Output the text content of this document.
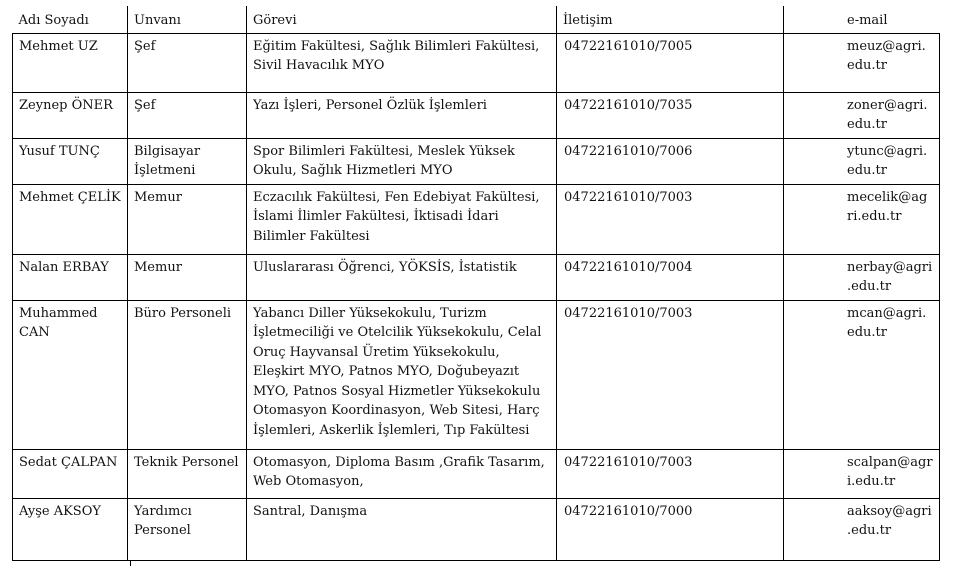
Adı Soyadı	Unvanı	Görevi	İletişim	e-mail
Mehmet UZ	Şef	Eğitim Fakültesi, Sağlık Bilimleri Fakültesi, Sivil Havacılık MYO	04722161010/7005	meuz@agri.edu.tr
Zeynep ÖNER	Şef	Yazı İşleri, Personel Özlük İşlemleri	04722161010/7035	zoner@agri.edu.tr
Yusuf TUNÇ	Bilgisayar İşletmeni	Spor Bilimleri Fakültesi, Meslek Yüksek Okulu, Sağlık Hizmetleri MYO	04722161010/7006	ytunc@agri.edu.tr
Mehmet ÇELİK	Memur	Eczacılık Fakültesi, Fen Edebiyat Fakültesi, İslami İlimler Fakültesi, İktisadi İdari Bilimler Fakültesi	04722161010/7003	mecelik@agri.edu.tr
Nalan ERBAY	Memur	Uluslararası Öğrenci, YÖKSİS, İstatistik	04722161010/7004	nerbay@agri.edu.tr
Muhammed CAN	Büro Personeli	Yabancı Diller Yüksekokulu, Turizm İşletmeciliği ve Otelcilik Yüksekokulu, Celal Oruç Hayvansal Üretim Yüksekokulu, Eleşkirt MYO, Patnos MYO, Doğubeyazıt MYO, Patnos Sosyal Hizmetler Yüksekokulu Otomasyon Koordinasyon, Web Sitesi, Harç İşlemleri, Askerlik İşlemleri, Tıp Fakültesi	04722161010/7003	mcan@agri.edu.tr
Sedat ÇALPAN	Teknik Personel	Otomasyon, Diploma Basım ,Grafik Tasarım, Web Otomasyon,	04722161010/7003	scalpan@agri.edu.tr
Ayşe AKSOY	Yardımcı Personel	Santral, Danışma	04722161010/7000	aaksoy@agri.edu.tr
